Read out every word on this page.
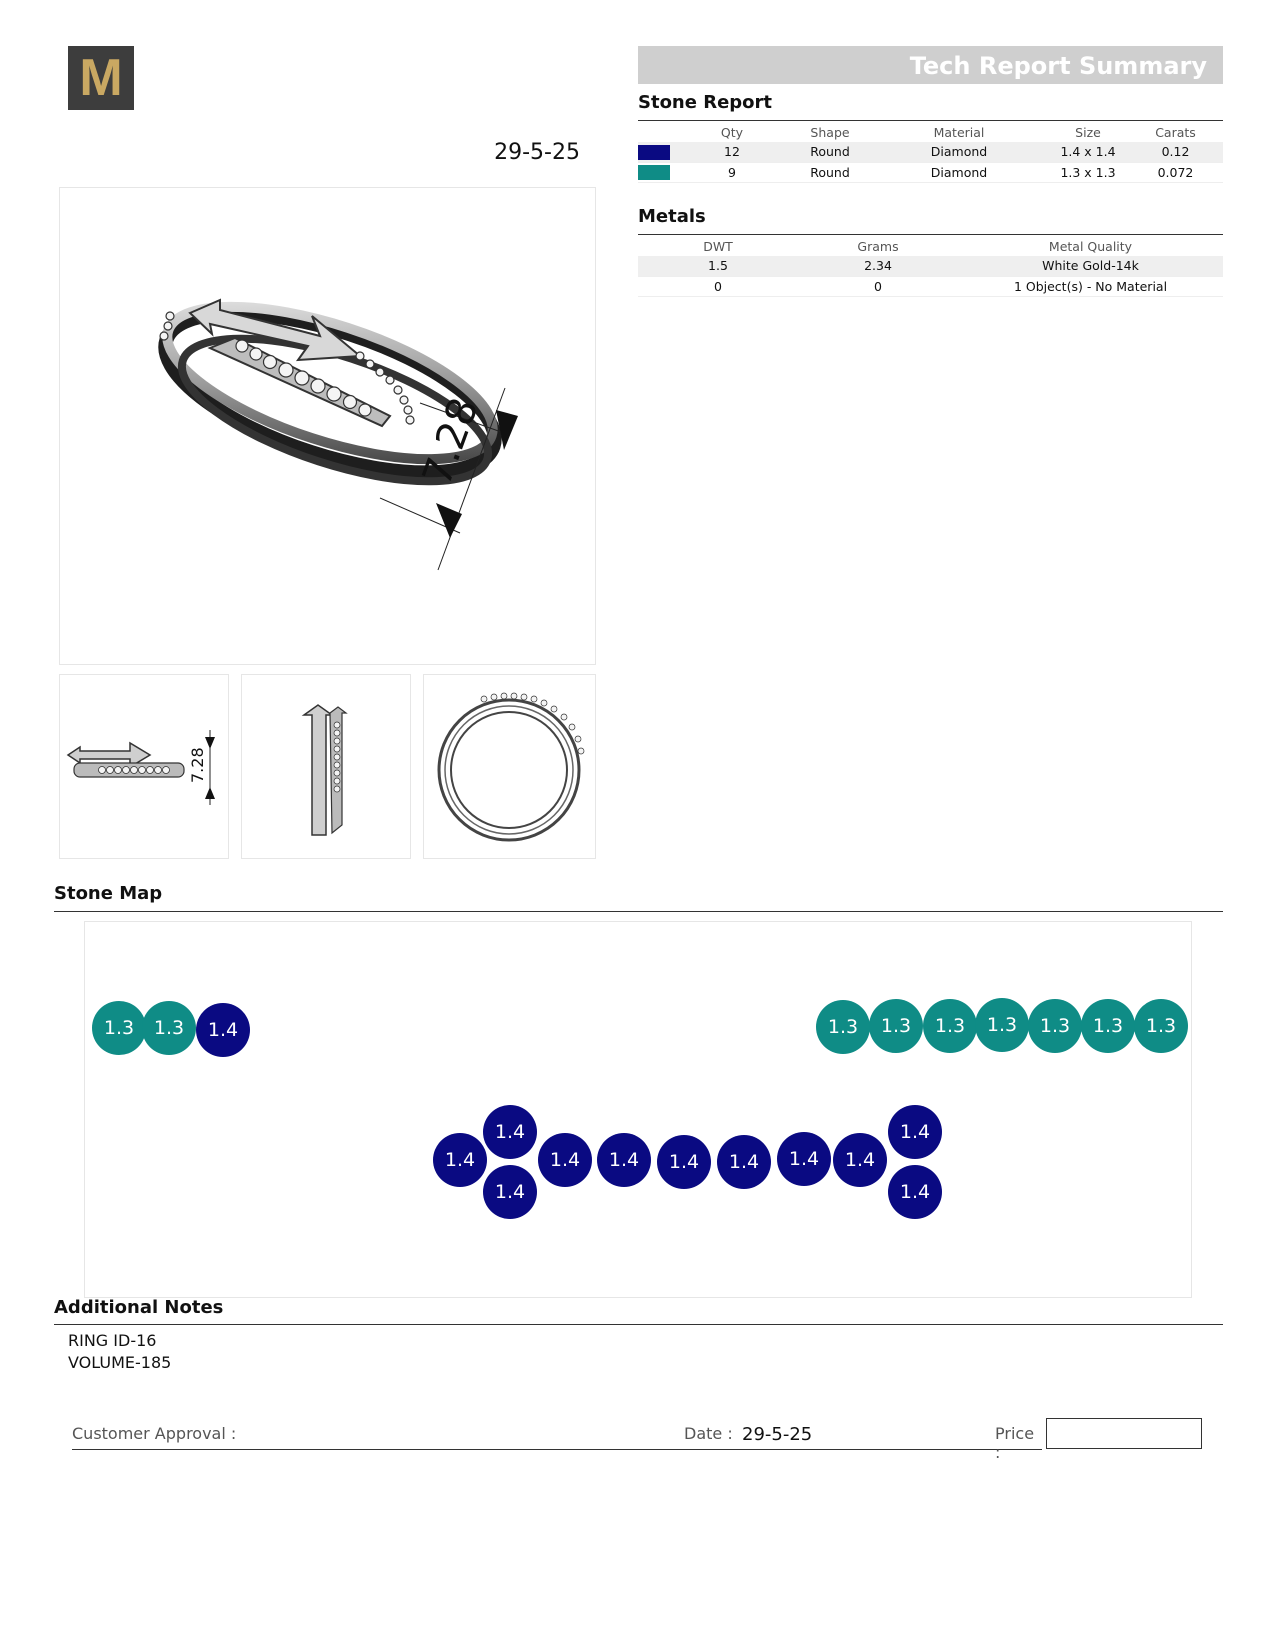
M
29-5-25
Tech Report Summary
Stone Report
	Qty	Shape	Material	Size	Carats
	12	Round	Diamond	1.4 x 1.4	0.12
	9	Round	Diamond	1.3 x 1.3	0.072
Metals
DWT	Grams	Metal Quality
1.5	2.34	White Gold-14k
0	0	1 Object(s) - No Material
7.28
7.28
Stone Map
1.3	1.3	1.4	1.3	1.3	1.3	1.3	1.3	1.3	1.3
1.4
1.4
1.4
1.4	1.4	1.4	1.4	1.4	1.4
1.4
1.4
Additional Notes
RING ID-16
VOLUME-185
Customer Approval :	Date : 29-5-25	Price :
